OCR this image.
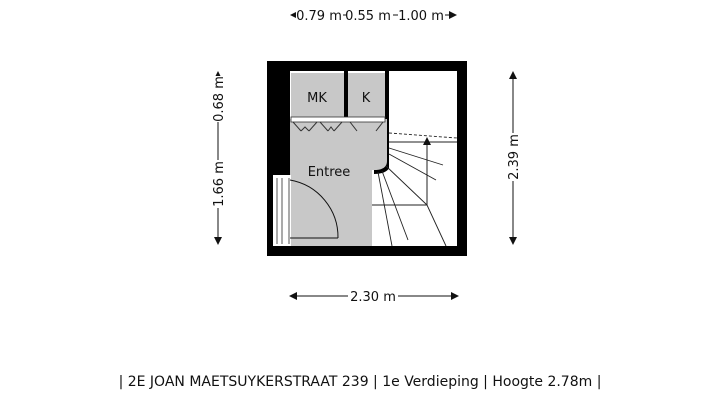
0.79 m 0.55 m 1.00 m
0.68 m
1.66 m
2.39 m
2.30 m
MK	K
Entree
| 2E JOAN MAETSUYKERSTRAAT 239 | 1e Verdieping | Hoogte 2.78m |
